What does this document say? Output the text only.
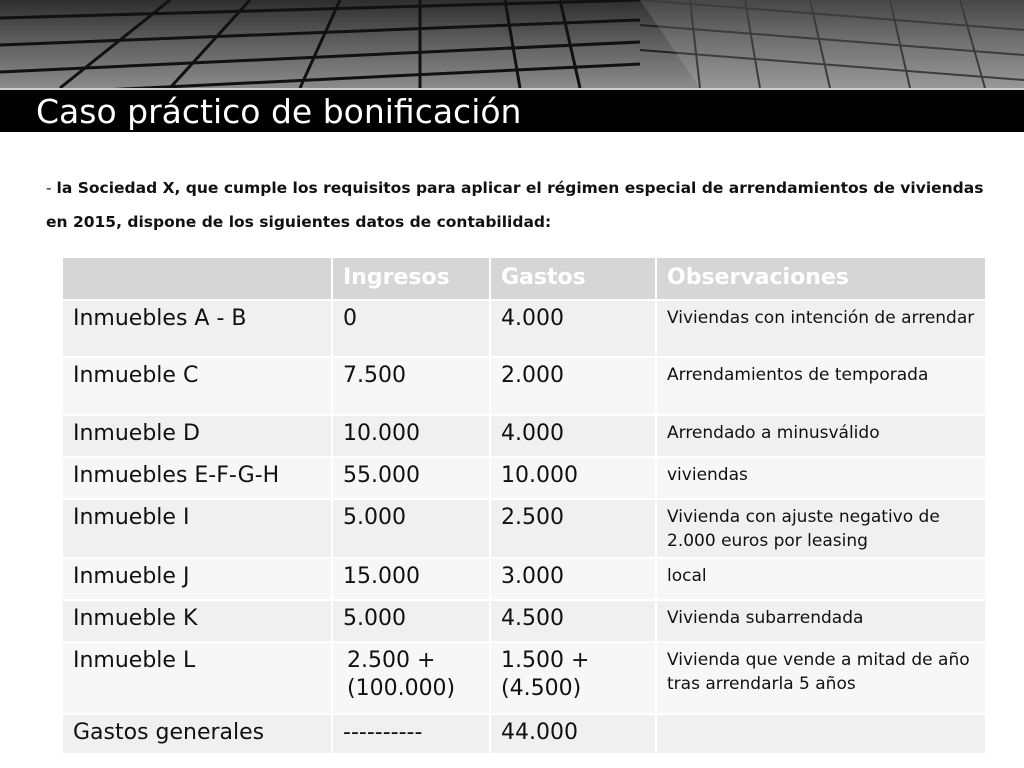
Caso práctico de bonificación
- la Sociedad X, que cumple los requisitos para aplicar el régimen especial de arrendamientos de viviendas en 2015, dispone de los siguientes datos de contabilidad:
	Ingresos	Gastos	Observaciones
Inmuebles A - B	0	4.000	Viviendas con intención de arrendar
Inmueble C	7.500	2.000	Arrendamientos de temporada
Inmueble D	10.000	4.000	Arrendado a minusválido
Inmuebles E-F-G-H	55.000	10.000	viviendas
Inmueble I	5.000	2.500	Vivienda con ajuste negativo de 2.000 euros por leasing
Inmueble J	15.000	3.000	local
Inmueble K	5.000	4.500	Vivienda subarrendada
Inmueble L	2.500 + (100.000)	1.500 + (4.500)	Vivienda que vende a mitad de año tras arrendarla 5 años
Gastos generales	----------	44.000	
